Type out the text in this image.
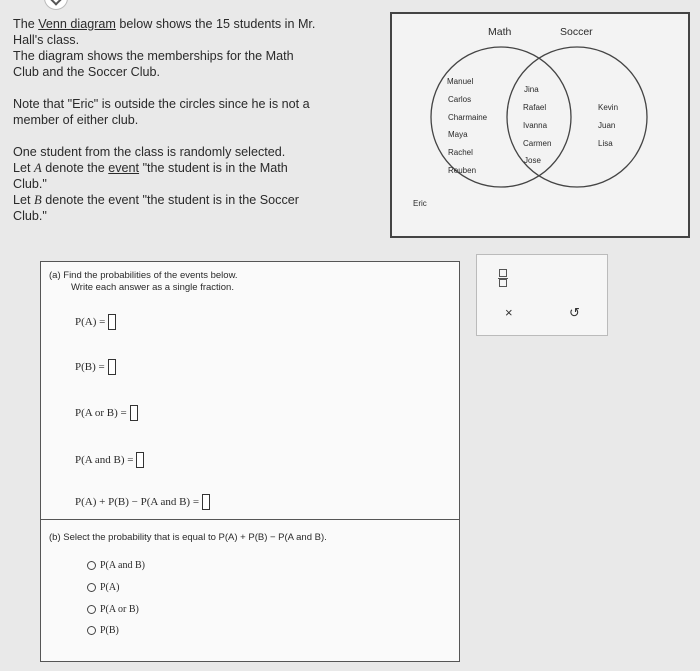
The Venn diagram below shows the 15 students in Mr.

Hall's class.

The diagram shows the memberships for the Math

Club and the Soccer Club.

Note that "Eric" is outside the circles since he is not a

member of either club.

One student from the class is randomly selected.

Let A denote the event "the student is in the Math

Club."

Let B denote the event "the student is in the Soccer

Club."

Math	Soccer
Manuel
Carlos
Charmaine
Maya
Rachel
Reuben
Jina
Rafael
Ivanna
Carmen
Jose
Kevin
Juan
Lisa
Eric
(a) Find the probabilities of the events below.
Write each answer as a single fraction.
P(A) =
P(B) =
P(A or B) =
P(A and B) =
P(A) + P(B) − P(A and B) =
(b) Select the probability that is equal to P(A) + P(B) − P(A and B).
P(A and B)
P(A)
P(A or B)
P(B)
×	↺
